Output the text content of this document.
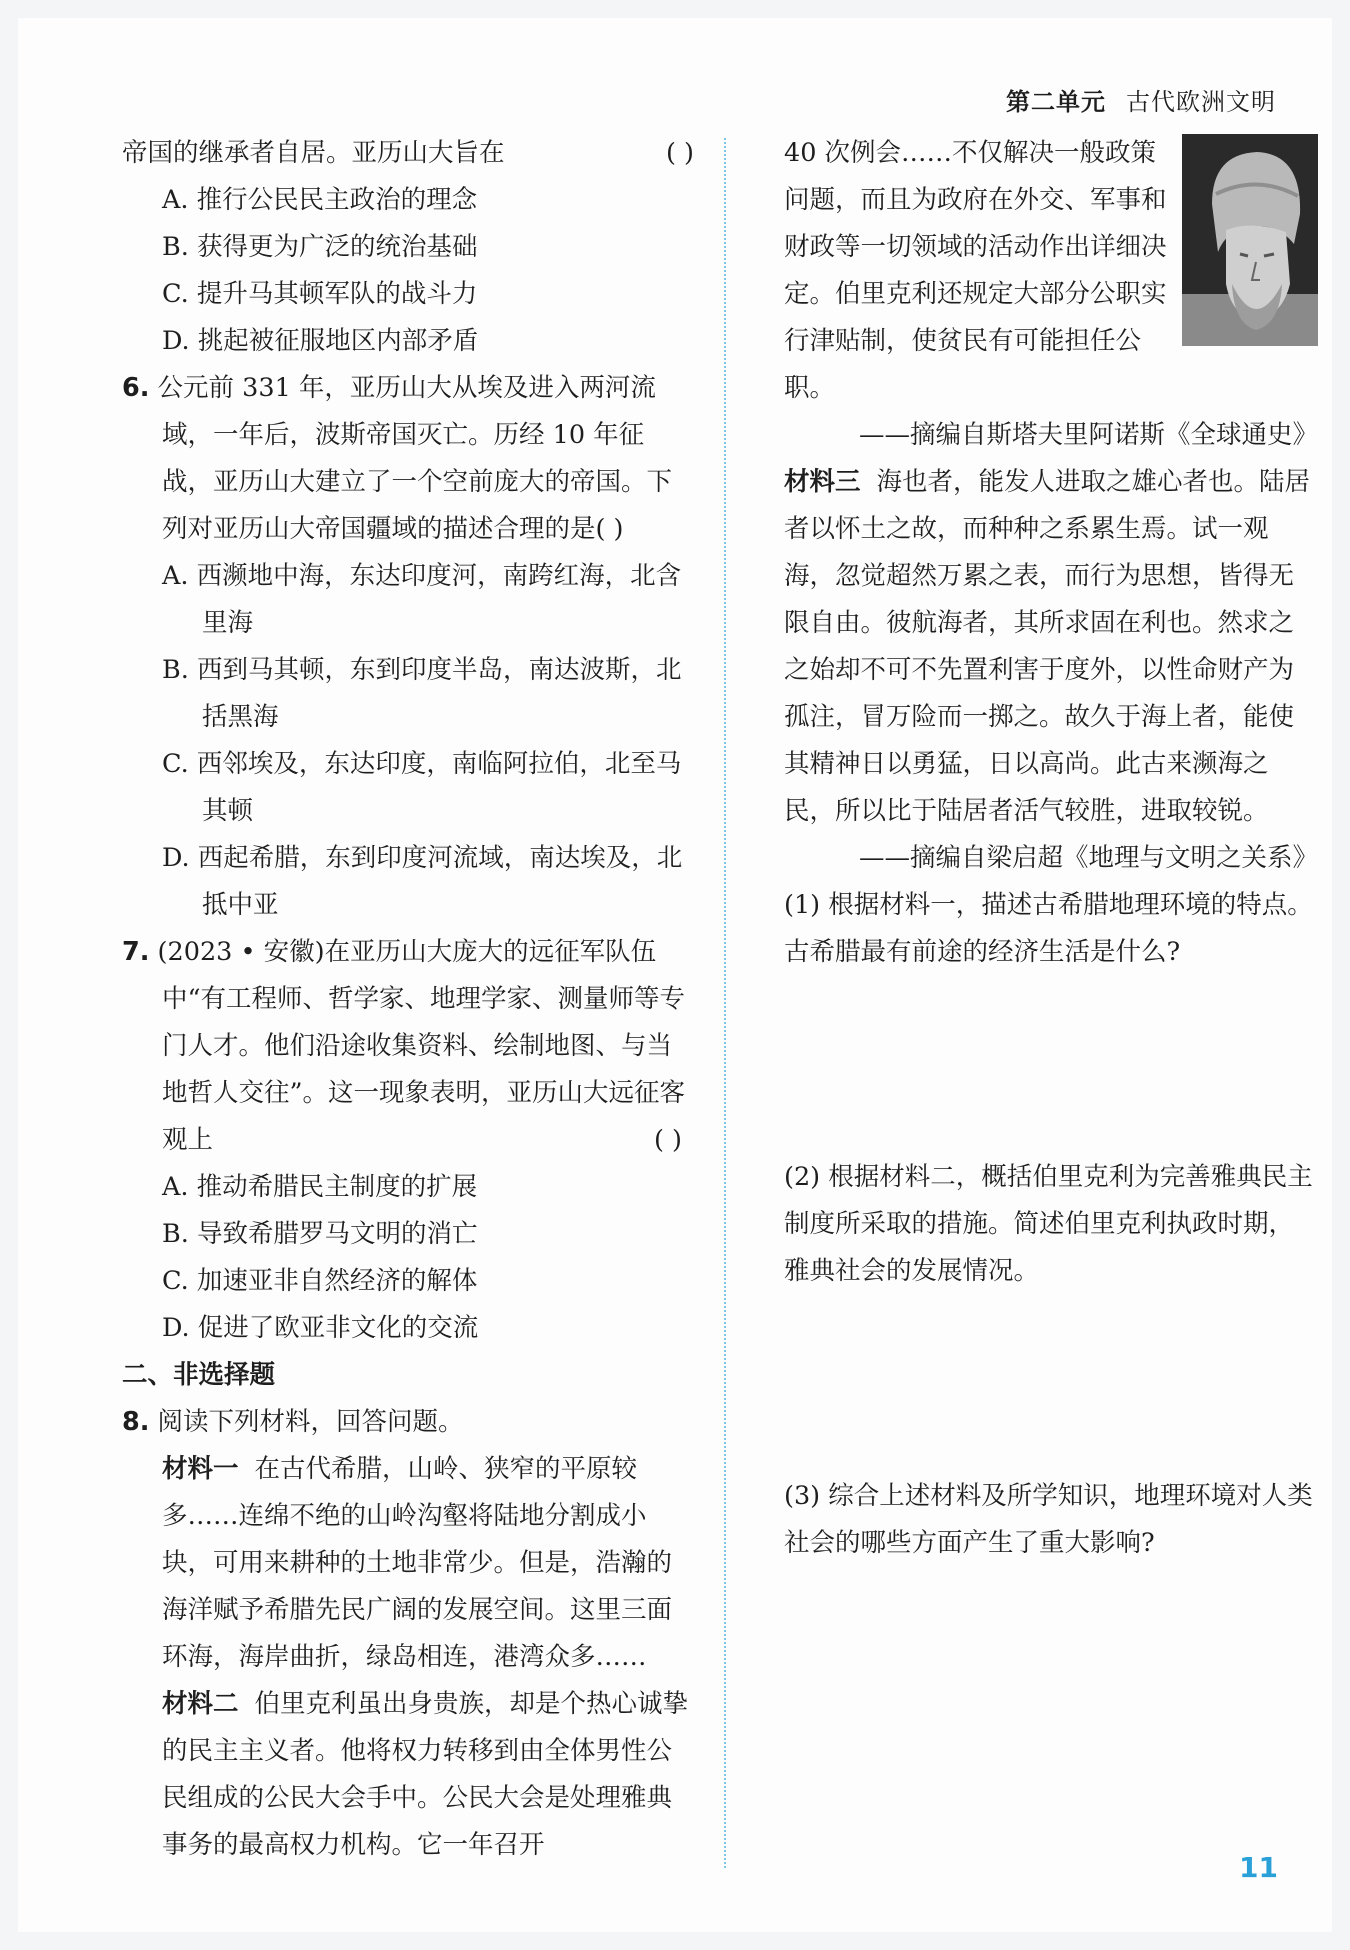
第二单元 古代欧洲文明

帝国的继承者自居。亚历山大旨在	( )

A. 推行公民民主政治的理念

B. 获得更为广泛的统治基础

C. 提升马其顿军队的战斗力

D. 挑起被征服地区内部矛盾

6. 公元前 331 年，亚历山大从埃及进入两河流域，一年后，波斯帝国灭亡。历经 10 年征战，亚历山大建立了一个空前庞大的帝国。下列对亚历山大帝国疆域的描述合理的是( )

A. 西濒地中海，东达印度河，南跨红海，北含里海

B. 西到马其顿，东到印度半岛，南达波斯，北括黑海

C. 西邻埃及，东达印度，南临阿拉伯，北至马其顿

D. 西起希腊，东到印度河流域，南达埃及，北抵中亚

7. (2023 • 安徽)在亚历山大庞大的远征军队伍中“有工程师、哲学家、地理学家、测量师等专门人才。他们沿途收集资料、绘制地图、与当地哲人交往”。这一现象表明，亚历山大远征客观上	( )

A. 推动希腊民主制度的扩展

B. 导致希腊罗马文明的消亡

C. 加速亚非自然经济的解体

D. 促进了欧亚非文化的交流

二、非选择题

8. 阅读下列材料，回答问题。

材料一 在古代希腊，山岭、狭窄的平原较多……连绵不绝的山岭沟壑将陆地分割成小块，可用来耕种的土地非常少。但是，浩瀚的海洋赋予希腊先民广阔的发展空间。这里三面环海，海岸曲折，绿岛相连，港湾众多……

材料二 伯里克利虽出身贵族，却是个热心诚挚的民主主义者。他将权力转移到由全体男性公民组成的公民大会手中。公民大会是处理雅典事务的最高权力机构。它一年召开

40 次例会……不仅解决一般政策问题，而且为政府在外交、军事和财政等一切领域的活动作出详细决定。伯里克利还规定大部分公职实行津贴制，使贫民有可能担任公职。

——摘编自斯塔夫里阿诺斯《全球通史》

材料三 海也者，能发人进取之雄心者也。陆居者以怀土之故，而种种之系累生焉。试一观海，忽觉超然万累之表，而行为思想，皆得无限自由。彼航海者，其所求固在利也。然求之之始却不可不先置利害于度外，以性命财产为孤注，冒万险而一掷之。故久于海上者，能使其精神日以勇猛，日以高尚。此古来濒海之民，所以比于陆居者活气较胜，进取较锐。

——摘编自梁启超《地理与文明之关系》

(1) 根据材料一，描述古希腊地理环境的特点。古希腊最有前途的经济生活是什么?

(2) 根据材料二，概括伯里克利为完善雅典民主制度所采取的措施。简述伯里克利执政时期，雅典社会的发展情况。

(3) 综合上述材料及所学知识，地理环境对人类社会的哪些方面产生了重大影响?

11
